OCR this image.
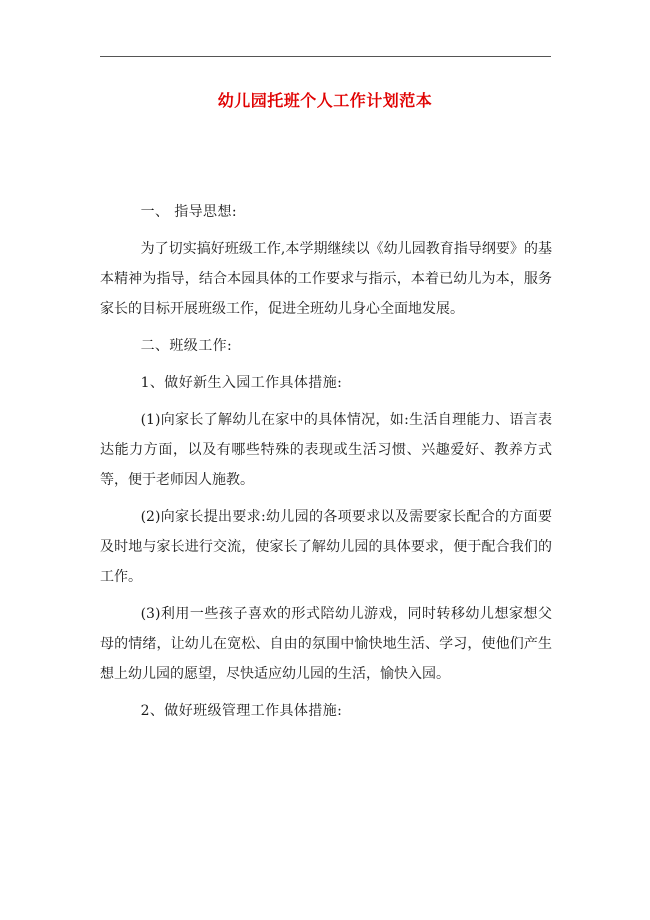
幼儿园托班个人工作计划范本

一、 指导思想:

为了切实搞好班级工作,本学期继续以《幼儿园教育指导纲要》的基本精神为指导，结合本园具体的工作要求与指示，本着已幼儿为本，服务家长的目标开展班级工作，促进全班幼儿身心全面地发展。

二、班级工作:

1、做好新生入园工作具体措施:

(1)向家长了解幼儿在家中的具体情况，如:生活自理能力、语言表达能力方面，以及有哪些特殊的表现或生活习惯、兴趣爱好、教养方式等，便于老师因人施教。

(2)向家长提出要求:幼儿园的各项要求以及需要家长配合的方面要及时地与家长进行交流，使家长了解幼儿园的具体要求，便于配合我们的工作。

(3)利用一些孩子喜欢的形式陪幼儿游戏，同时转移幼儿想家想父母的情绪，让幼儿在宽松、自由的氛围中愉快地生活、学习，使他们产生想上幼儿园的愿望，尽快适应幼儿园的生活，愉快入园。

2、做好班级管理工作具体措施:
